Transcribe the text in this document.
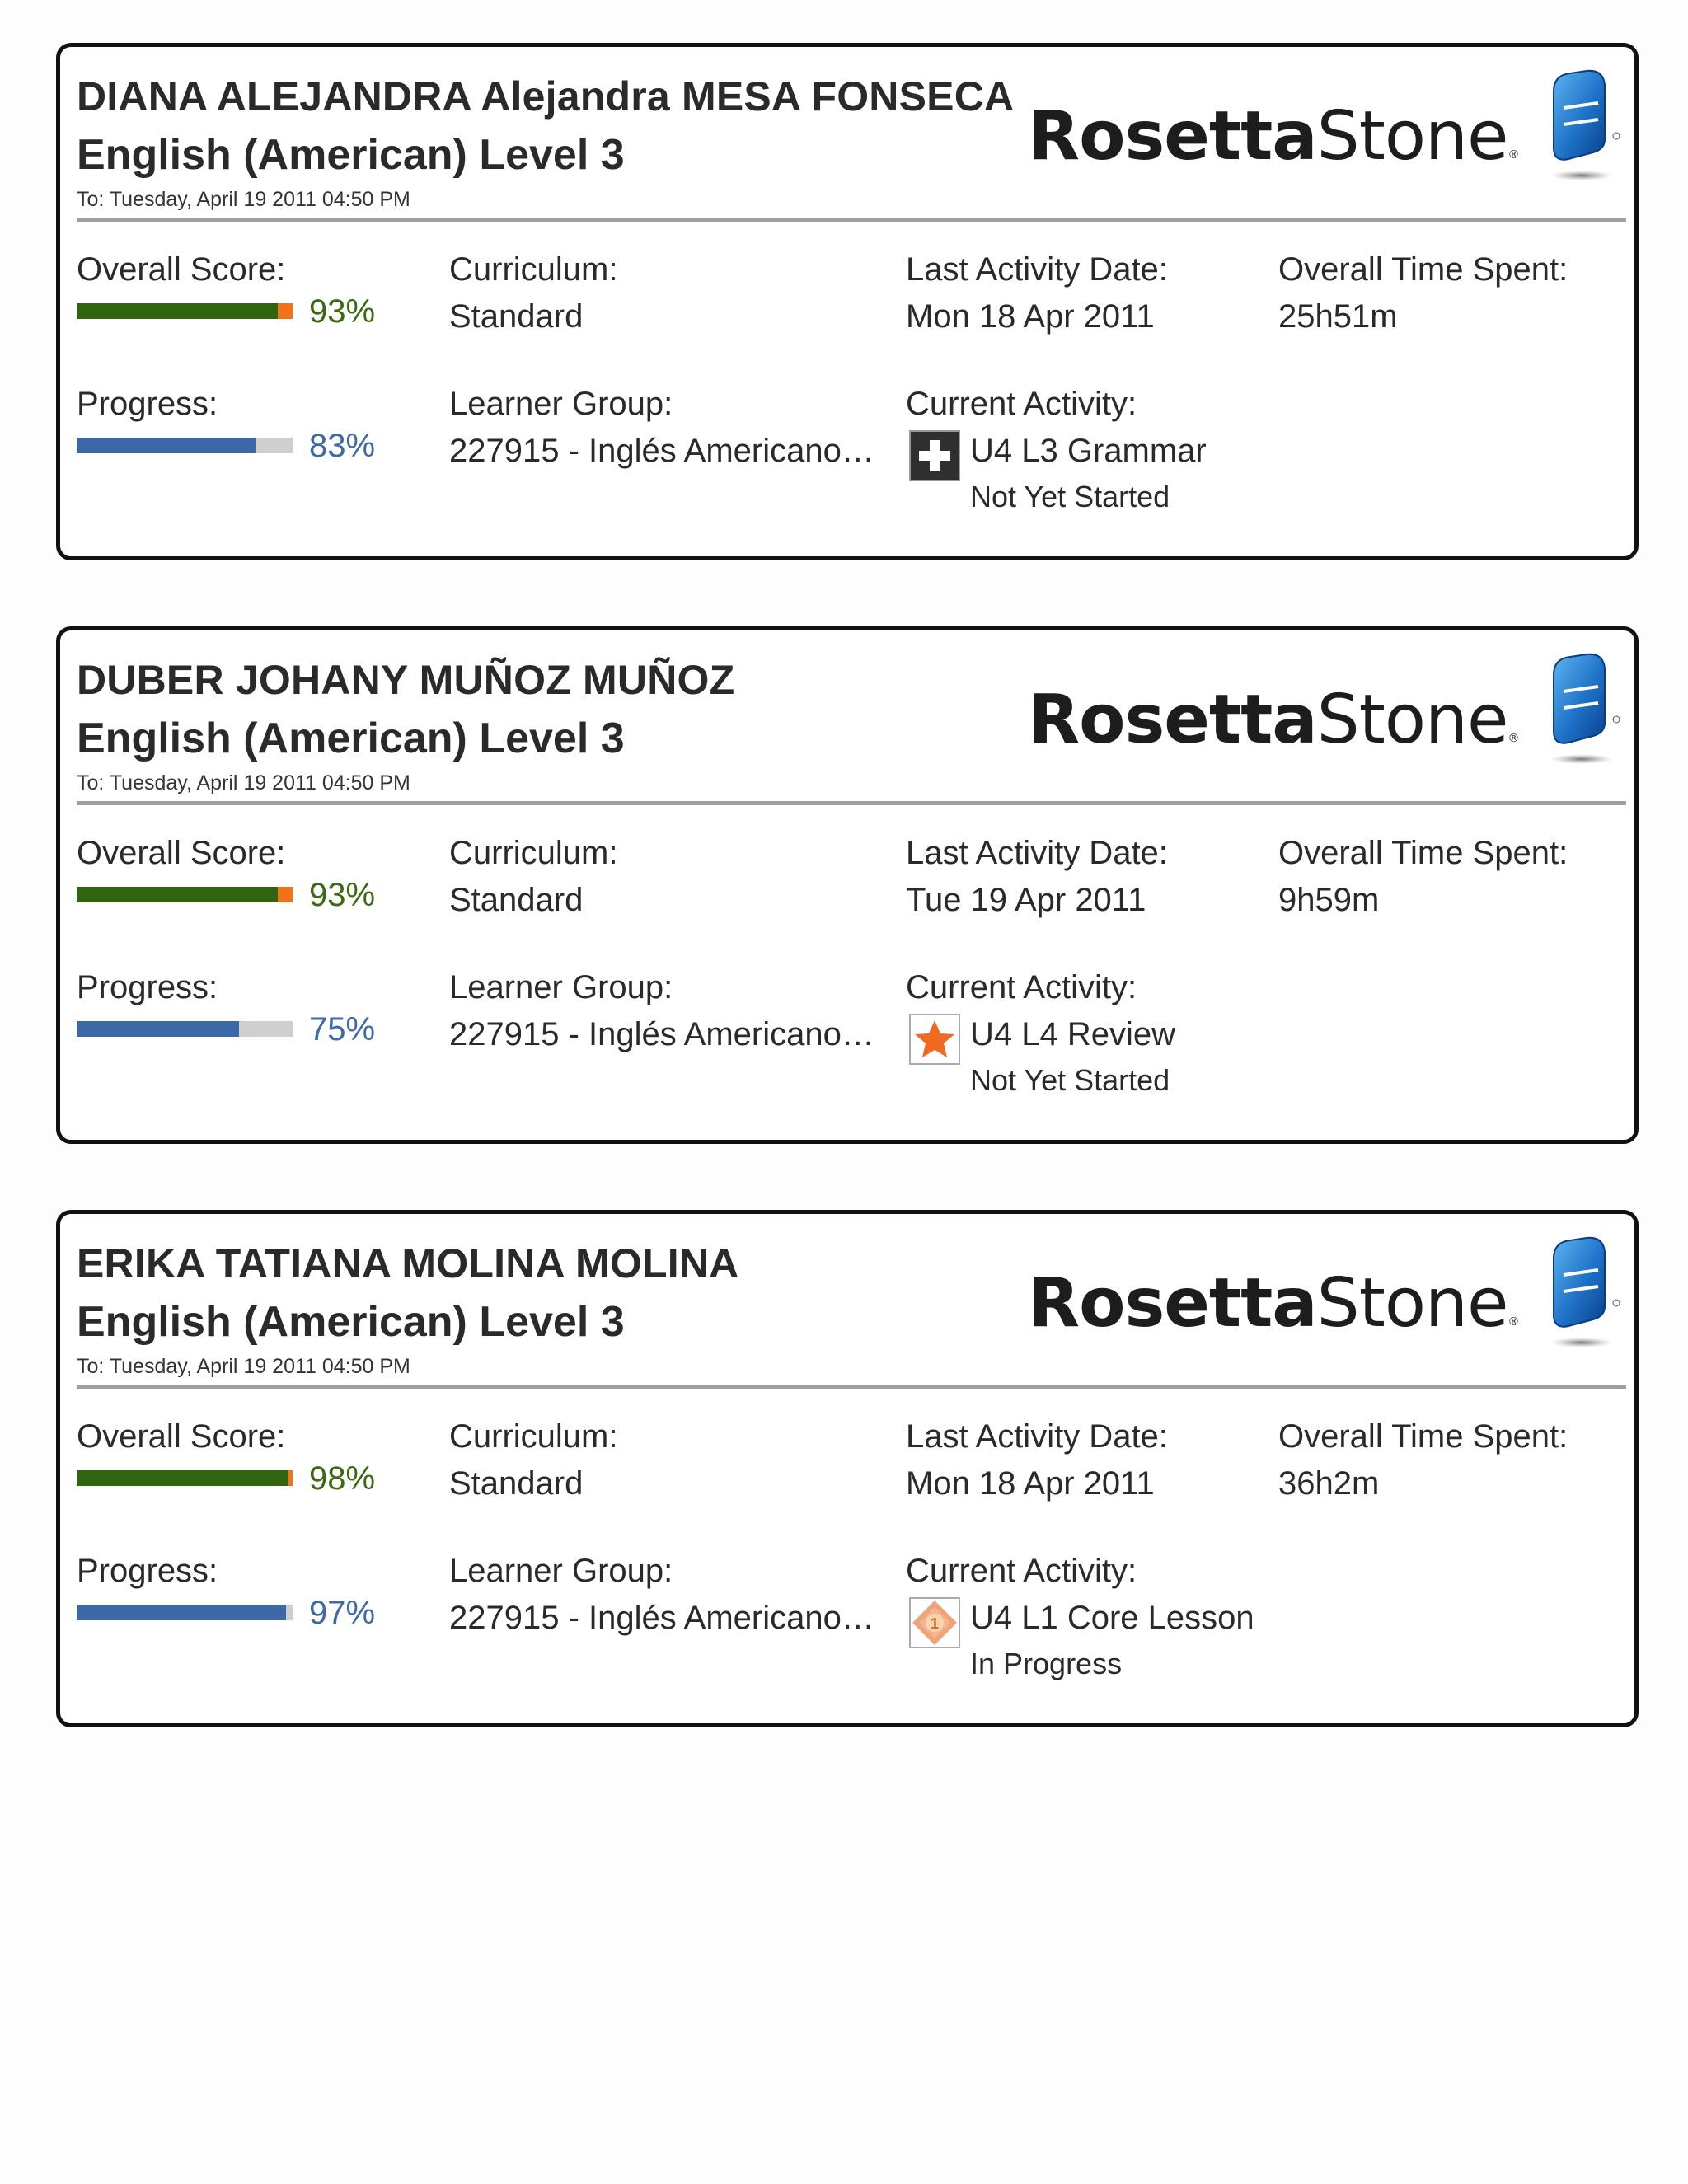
DIANA ALEJANDRA Alejandra MESA FONSECA
English (American) Level 3
To: Tuesday, April 19 2011 04:50 PM
RosettaStone®
Overall Score:
93%
Progress:
83%
Curriculum:
Standard
Learner Group:
227915 - Inglés Americano…
Last Activity Date:
Mon 18 Apr 2011
Current Activity:
U4 L3 Grammar
Not Yet Started
Overall Time Spent:
25h51m
DUBER JOHANY MUÑOZ MUÑOZ
English (American) Level 3
To: Tuesday, April 19 2011 04:50 PM
RosettaStone®
Overall Score:
93%
Progress:
75%
Curriculum:
Standard
Learner Group:
227915 - Inglés Americano…
Last Activity Date:
Tue 19 Apr 2011
Current Activity:
U4 L4 Review
Not Yet Started
Overall Time Spent:
9h59m
ERIKA TATIANA MOLINA MOLINA
English (American) Level 3
To: Tuesday, April 19 2011 04:50 PM
RosettaStone®
Overall Score:
98%
Progress:
97%
Curriculum:
Standard
Learner Group:
227915 - Inglés Americano…
Last Activity Date:
Mon 18 Apr 2011
Current Activity:
1 U4 L1 Core Lesson
In Progress
Overall Time Spent:
36h2m
